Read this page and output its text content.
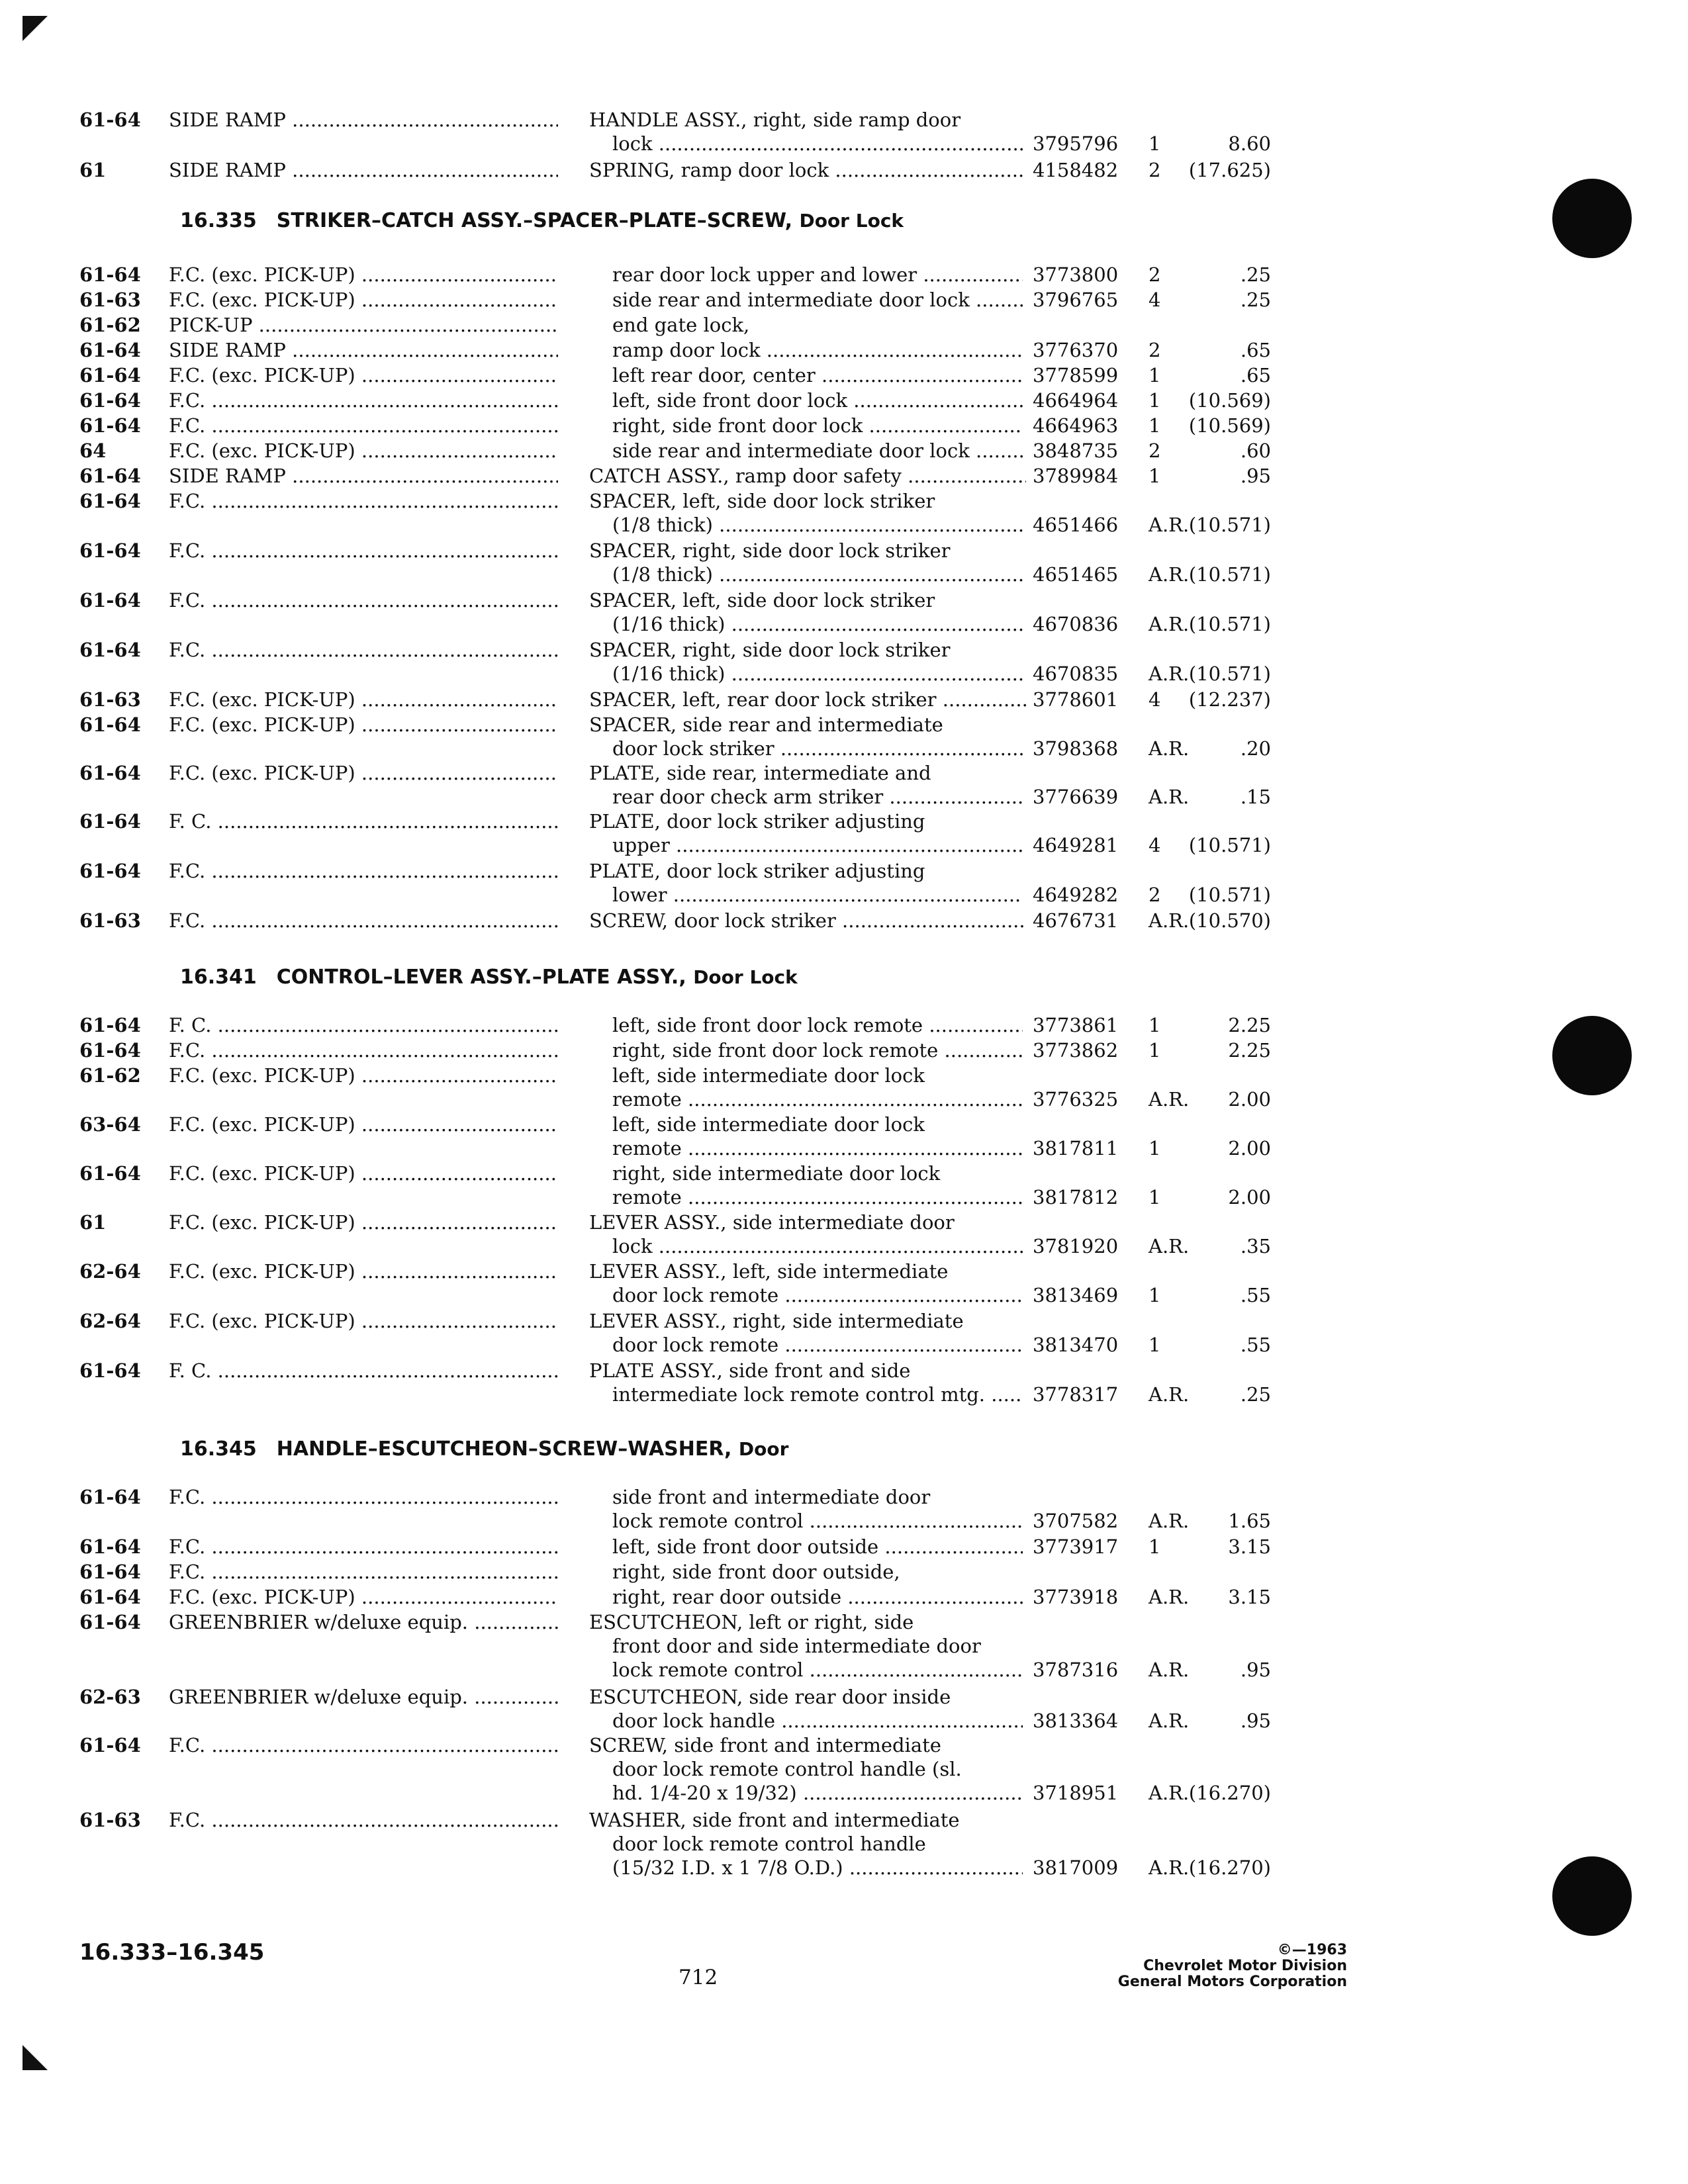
61-64 SIDE RAMP .....	HANDLE ASSY., right, side ramp door
lock .....	3795796 1	8.60
61	SIDE RAMP .....	SPRING, ramp door lock .....	4158482 2 (17.625)
16.335  STRIKER–CATCH ASSY.–SPACER–PLATE–SCREW, Door Lock
61-64 F.C. (exc. PICK-UP) .....	rear door lock upper and lower .....	3773800 2	.25
61-63 F.C. (exc. PICK-UP) .....	side rear and intermediate door lock .....	3796765 4	.25
61-62 PICK-UP .....	end gate lock,
61-64 SIDE RAMP .....	ramp door lock .....	3776370 2	.65
61-64 F.C. (exc. PICK-UP) .....	left rear door, center .....	3778599 1	.65
61-64 F.C. .....	left, side front door lock .....	4664964 1 (10.569)
61-64 F.C. .....	right, side front door lock .....	4664963 1 (10.569)
64	F.C. (exc. PICK-UP) .....	side rear and intermediate door lock .....	3848735 2	.60
61-64 SIDE RAMP .....	CATCH ASSY., ramp door safety .....	3789984 1	.95
61-64 F.C. .....	SPACER, left, side door lock striker
(1/8 thick) .....	4651466 A.R. (10.571)
61-64 F.C. .....	SPACER, right, side door lock striker
(1/8 thick) .....	4651465 A.R. (10.571)
61-64 F.C. .....	SPACER, left, side door lock striker
(1/16 thick) .....	4670836 A.R. (10.571)
61-64 F.C. .....	SPACER, right, side door lock striker
(1/16 thick) .....	4670835 A.R. (10.571)
61-63 F.C. (exc. PICK-UP) .....	SPACER, left, rear door lock striker .....	3778601 4 (12.237)
61-64 F.C. (exc. PICK-UP) .....	SPACER, side rear and intermediate
door lock striker .....	3798368 A.R.	.20
61-64 F.C. (exc. PICK-UP) .....	PLATE, side rear, intermediate and
rear door check arm striker .....	3776639 A.R.	.15
61-64 F. C. .....	PLATE, door lock striker adjusting
upper .....	4649281 4 (10.571)
61-64 F.C. .....	PLATE, door lock striker adjusting
lower .....	4649282 2 (10.571)
61-63 F.C. .....	SCREW, door lock striker .....	4676731 A.R. (10.570)
16.341  CONTROL–LEVER ASSY.–PLATE ASSY., Door Lock
61-64 F. C. .....	left, side front door lock remote .....	3773861 1	2.25
61-64 F.C. .....	right, side front door lock remote .....	3773862 1	2.25
61-62 F.C. (exc. PICK-UP) .....	left, side intermediate door lock
remote .....	3776325 A.R.	2.00
63-64 F.C. (exc. PICK-UP) .....	left, side intermediate door lock
remote .....	3817811 1	2.00
61-64 F.C. (exc. PICK-UP) .....	right, side intermediate door lock
remote .....	3817812 1	2.00
61	F.C. (exc. PICK-UP) .....	LEVER ASSY., side intermediate door
lock .....	3781920 A.R.	.35
62-64 F.C. (exc. PICK-UP) .....	LEVER ASSY., left, side intermediate
door lock remote .....	3813469 1	.55
62-64 F.C. (exc. PICK-UP) .....	LEVER ASSY., right, side intermediate
door lock remote .....	3813470 1	.55
61-64 F. C. .....	PLATE ASSY., side front and side
intermediate lock remote control mtg. .....	3778317 A.R.	.25
16.345  HANDLE–ESCUTCHEON–SCREW–WASHER, Door
61-64 F.C. .....	side front and intermediate door
lock remote control .....	3707582 A.R.	1.65
61-64 F.C. .....	left, side front door outside .....	3773917 1	3.15
61-64 F.C. .....	right, side front door outside,
61-64 F.C. (exc. PICK-UP) .....	right, rear door outside .....	3773918 A.R.	3.15
61-64 GREENBRIER w/deluxe equip. .....	ESCUTCHEON, left or right, side
front door and side intermediate door
lock remote control .....	3787316 A.R.	.95
62-63 GREENBRIER w/deluxe equip. .....	ESCUTCHEON, side rear door inside
door lock handle .....	3813364 A.R.	.95
61-64 F.C. .....	SCREW, side front and intermediate
door lock remote control handle (sl.
hd. 1/4-20 x 19/32) .....	3718951 A.R. (16.270)
61-63 F.C. .....	WASHER, side front and intermediate
door lock remote control handle
(15/32 I.D. x 1 7/8 O.D.) .....	3817009 A.R. (16.270)
16.333–16.345
712
©—1963
Chevrolet Motor Division
General Motors Corporation
